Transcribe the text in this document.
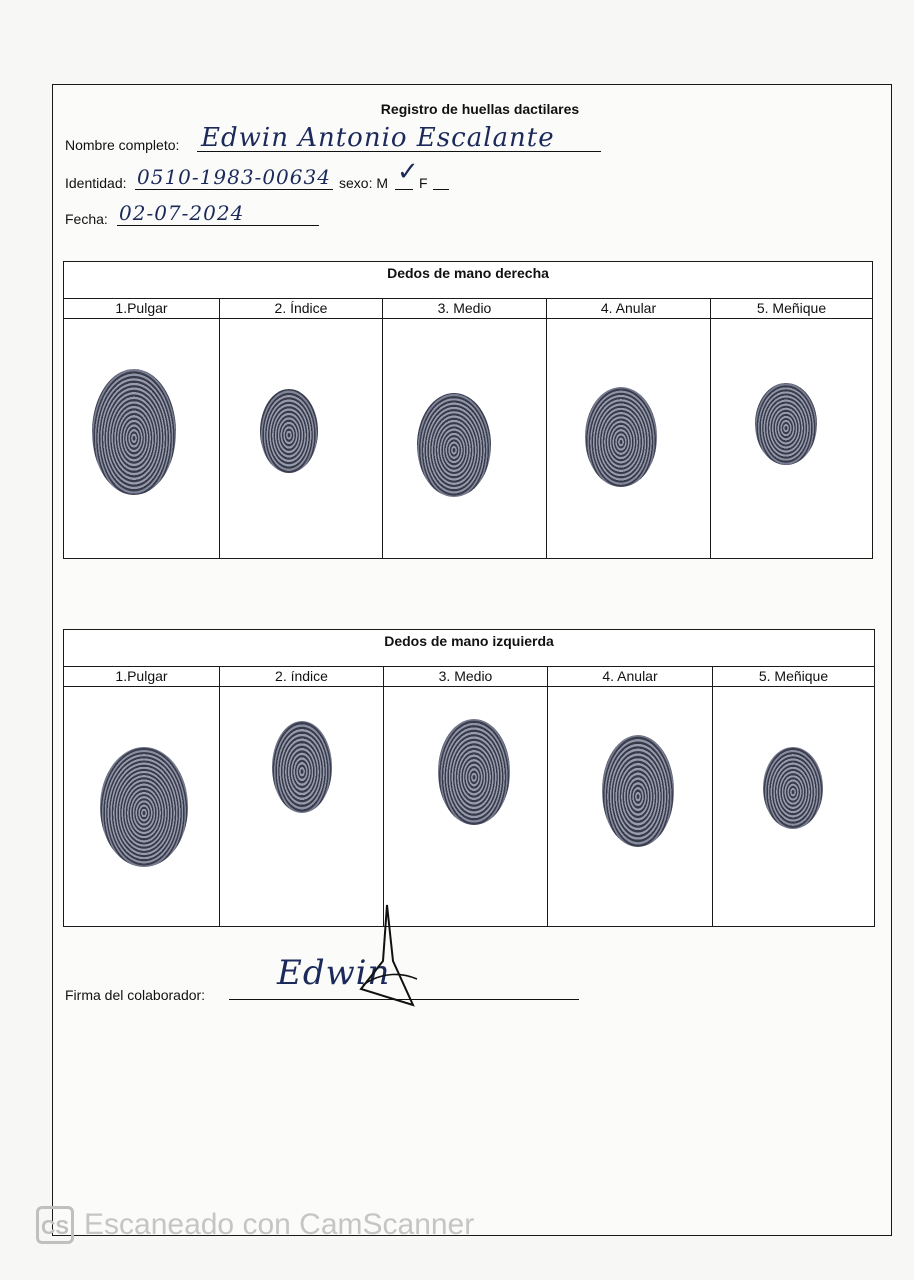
Registro de huellas dactilares
Nombre completo: Edwin Antonio Escalante
Identidad: 0510-1983-00634 sexo: M ✓ F
Fecha: 02-07-2024
Dedos de mano derecha
1.Pulgar	2. Índice	3. Medio	4. Anular	5. Meñique
Dedos de mano izquierda
1.Pulgar	2. índice	3. Medio	4. Anular	5. Meñique
Firma del colaborador:
Edwin
CS Escaneado con CamScanner
